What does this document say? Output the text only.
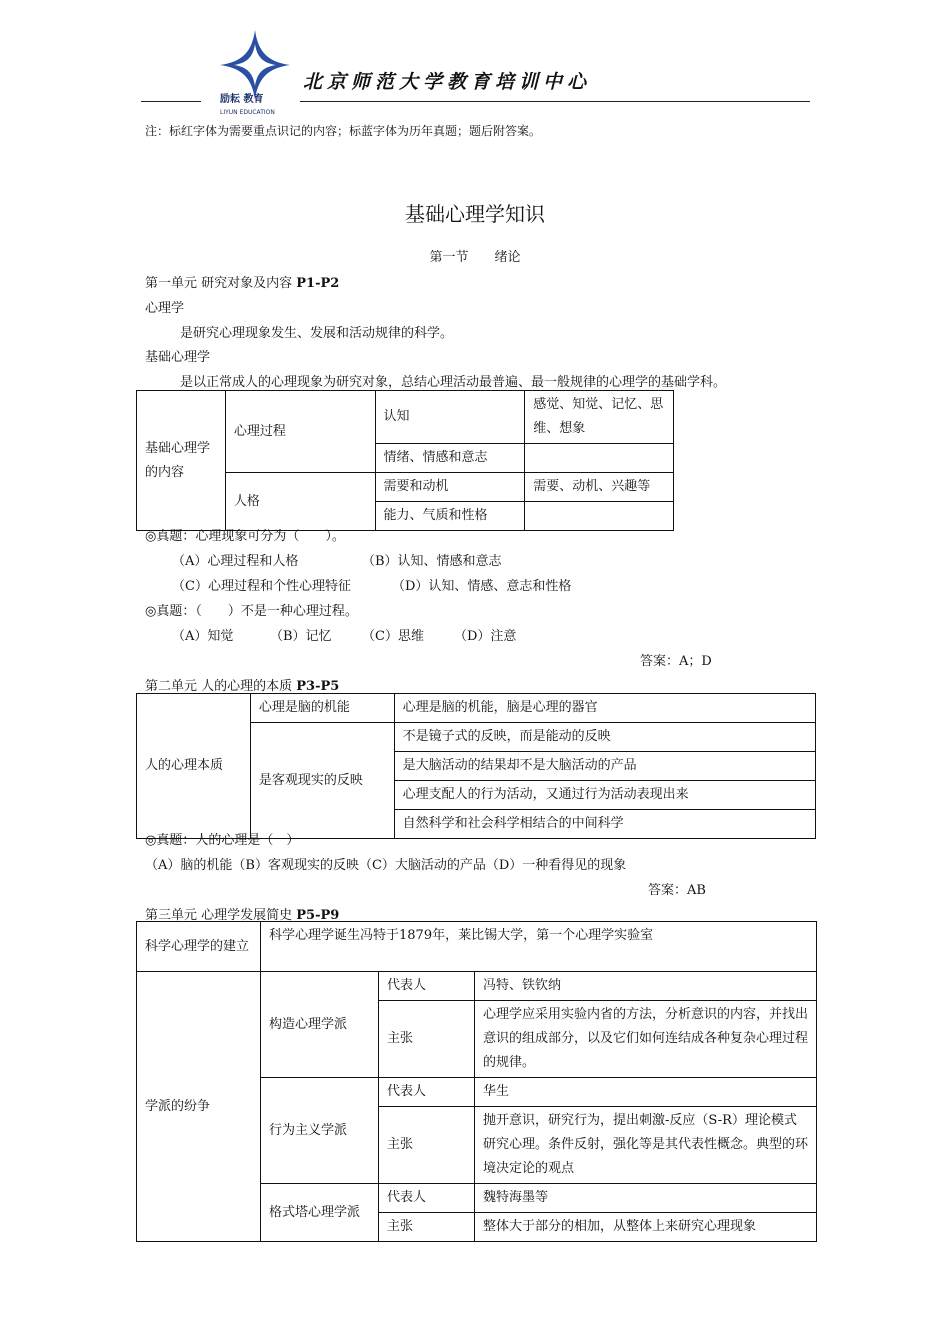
励耘 教育
LIYUN EDUCATION
北京师范大学教育培训中心
注：标红字体为需要重点识记的内容；标蓝字体为历年真题；题后附答案。
基础心理学知识
第一节　　绪论
第一单元 研究对象及内容 P1-P2
心理学
是研究心理现象发生、发展和活动规律的科学。
基础心理学
是以正常成人的心理现象为研究对象，总结心理活动最普遍、最一般规律的心理学的基础学科。
基础心理学的内容	心理过程	认知	感觉、知觉、记忆、思维、想象
		情绪、情感和意志	
	人格	需要和动机	需要、动机、兴趣等
		能力、气质和性格	
◎真题：心理现象可分为（　　）。
（A）心理过程和人格	（B）认知、情感和意志
（C）心理过程和个性心理特征	（D）认知、情感、意志和性格
◎真题：（　　）不是一种心理过程。
（A）知觉	（B）记忆 （C）思维 （D）注意
答案：A；D
第二单元 人的心理的本质 P3-P5
人的心理本质	心理是脑的机能	心理是脑的机能，脑是心理的器官
	是客观现实的反映	不是镜子式的反映，而是能动的反映
		是大脑活动的结果却不是大脑活动的产品
		心理支配人的行为活动，又通过行为活动表现出来
		自然科学和社会科学相结合的中间科学
◎真题：人的心理是（　）
（A）脑的机能（B）客观现实的反映（C）大脑活动的产品（D）一种看得见的现象
答案：AB
第三单元 心理学发展简史 P5-P9
科学心理学的建立	科学心理学诞生冯特于1879年，莱比锡大学，第一个心理学实验室		
学派的纷争	构造心理学派	代表人	冯特、铁钦纳
		主张	心理学应采用实验内省的方法，分析意识的内容，并找出意识的组成部分，以及它们如何连结成各种复杂心理过程的规律。
	行为主义学派	代表人	华生
		主张	抛开意识，研究行为，提出刺激-反应（S-R）理论模式研究心理。条件反射，强化等是其代表性概念。典型的环境决定论的观点
	格式塔心理学派	代表人	魏特海墨等
		主张	整体大于部分的相加，从整体上来研究心理现象
